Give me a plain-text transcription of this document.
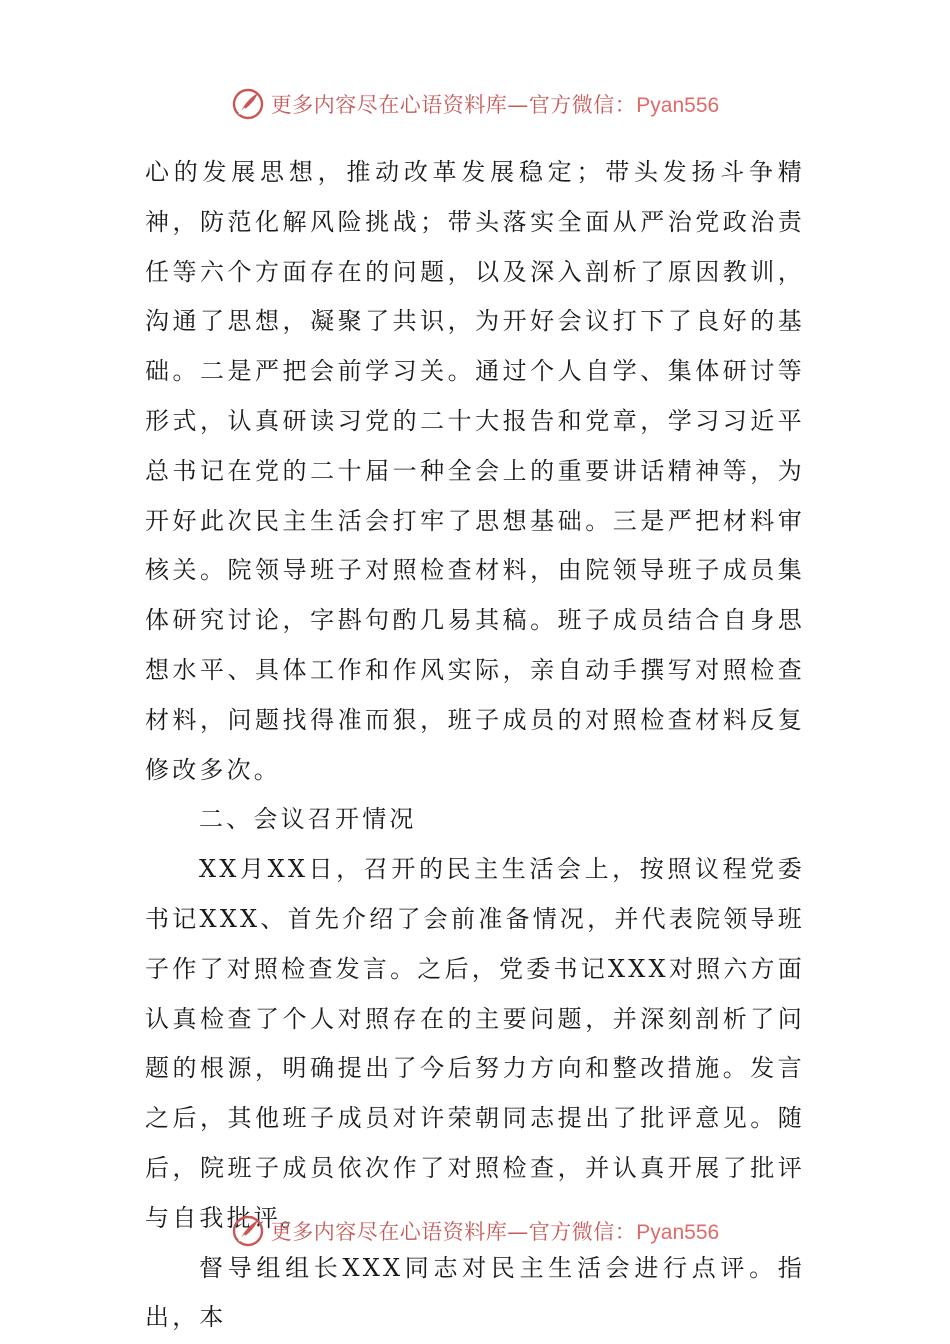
更多内容尽在心语资料库—官方微信：Pyan556

心的发展思想，推动改革发展稳定；带头发扬斗争精神，防范化解风险挑战；带头落实全面从严治党政治责任等六个方面存在的问题，以及深入剖析了原因教训，沟通了思想，凝聚了共识，为开好会议打下了良好的基础。二是严把会前学习关。通过个人自学、集体研讨等形式，认真研读习党的二十大报告和党章，学习习近平总书记在党的二十届一种全会上的重要讲话精神等，为开好此次民主生活会打牢了思想基础。三是严把材料审核关。院领导班子对照检查材料，由院领导班子成员集体研究讨论，字斟句酌几易其稿。班子成员结合自身思想水平、具体工作和作风实际，亲自动手撰写对照检查材料，问题找得准而狠，班子成员的对照检查材料反复修改多次。

二、会议召开情况

XX月XX日，召开的民主生活会上，按照议程党委书记XXX、首先介绍了会前准备情况，并代表院领导班子作了对照检查发言。之后，党委书记XXX对照六方面认真检查了个人对照存在的主要问题，并深刻剖析了问题的根源，明确提出了今后努力方向和整改措施。发言之后，其他班子成员对许荣朝同志提出了批评意见。随后，院班子成员依次作了对照检查，并认真开展了批评与自我批评。

督导组组长XXX同志对民主生活会进行点评。指出，本

更多内容尽在心语资料库—官方微信：Pyan556
